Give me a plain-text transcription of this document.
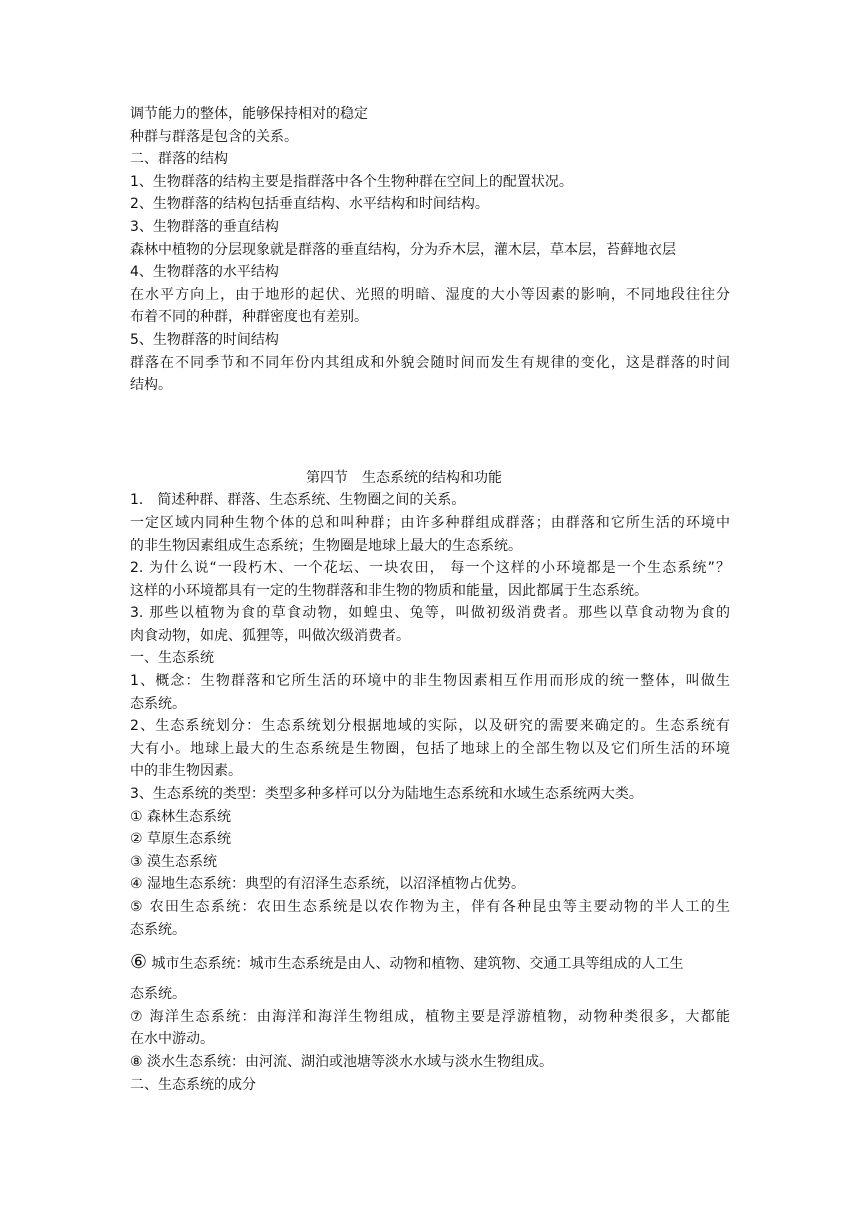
调节能力的整体，能够保持相对的稳定
种群与群落是包含的关系。
二、群落的结构
1、生物群落的结构主要是指群落中各个生物种群在空间上的配置状况。
2、生物群落的结构包括垂直结构、水平结构和时间结构。
3、生物群落的垂直结构
森林中植物的分层现象就是群落的垂直结构，分为乔木层，灌木层，草本层，苔藓地衣层
4、生物群落的水平结构
在水平方向上，由于地形的起伏、光照的明暗、湿度的大小等因素的影响，不同地段往往分
布着不同的种群，种群密度也有差别。
5、生物群落的时间结构
群落在不同季节和不同年份内其组成和外貌会随时间而发生有规律的变化，这是群落的时间
结构。
第四节　生态系统的结构和功能
1． 简述种群、群落、生态系统、生物圈之间的关系。
一定区域内同种生物个体的总和叫种群；由许多种群组成群落；由群落和它所生活的环境中
的非生物因素组成生态系统；生物圈是地球上最大的生态系统。
2. 为什么说“一段朽木、一个花坛、一块农田， 每一个这样的小环境都是一个生态系统”？
这样的小环境都具有一定的生物群落和非生物的物质和能量，因此都属于生态系统。
3. 那些以植物为食的草食动物，如蝗虫、兔等，叫做初级消费者。那些以草食动物为食的
肉食动物，如虎、狐狸等，叫做次级消费者。
一、生态系统
1、概念：生物群落和它所生活的环境中的非生物因素相互作用而形成的统一整体，叫做生
态系统。
2、生态系统划分：生态系统划分根据地域的实际，以及研究的需要来确定的。生态系统有
大有小。地球上最大的生态系统是生物圈，包括了地球上的全部生物以及它们所生活的环境
中的非生物因素。
3、生态系统的类型：类型多种多样可以分为陆地生态系统和水域生态系统两大类。
① 森林生态系统
② 草原生态系统
③ 漠生态系统
④ 湿地生态系统：典型的有沼泽生态系统，以沼泽植物占优势。
⑤ 农田生态系统：农田生态系统是以农作物为主，伴有各种昆虫等主要动物的半人工的生
态系统。
⑥ 城市生态系统：城市生态系统是由人、动物和植物、建筑物、交通工具等组成的人工生
态系统。
⑦ 海洋生态系统：由海洋和海洋生物组成，植物主要是浮游植物，动物种类很多，大都能
在水中游动。
⑧ 淡水生态系统：由河流、湖泊或池塘等淡水水域与淡水生物组成。
二、生态系统的成分
